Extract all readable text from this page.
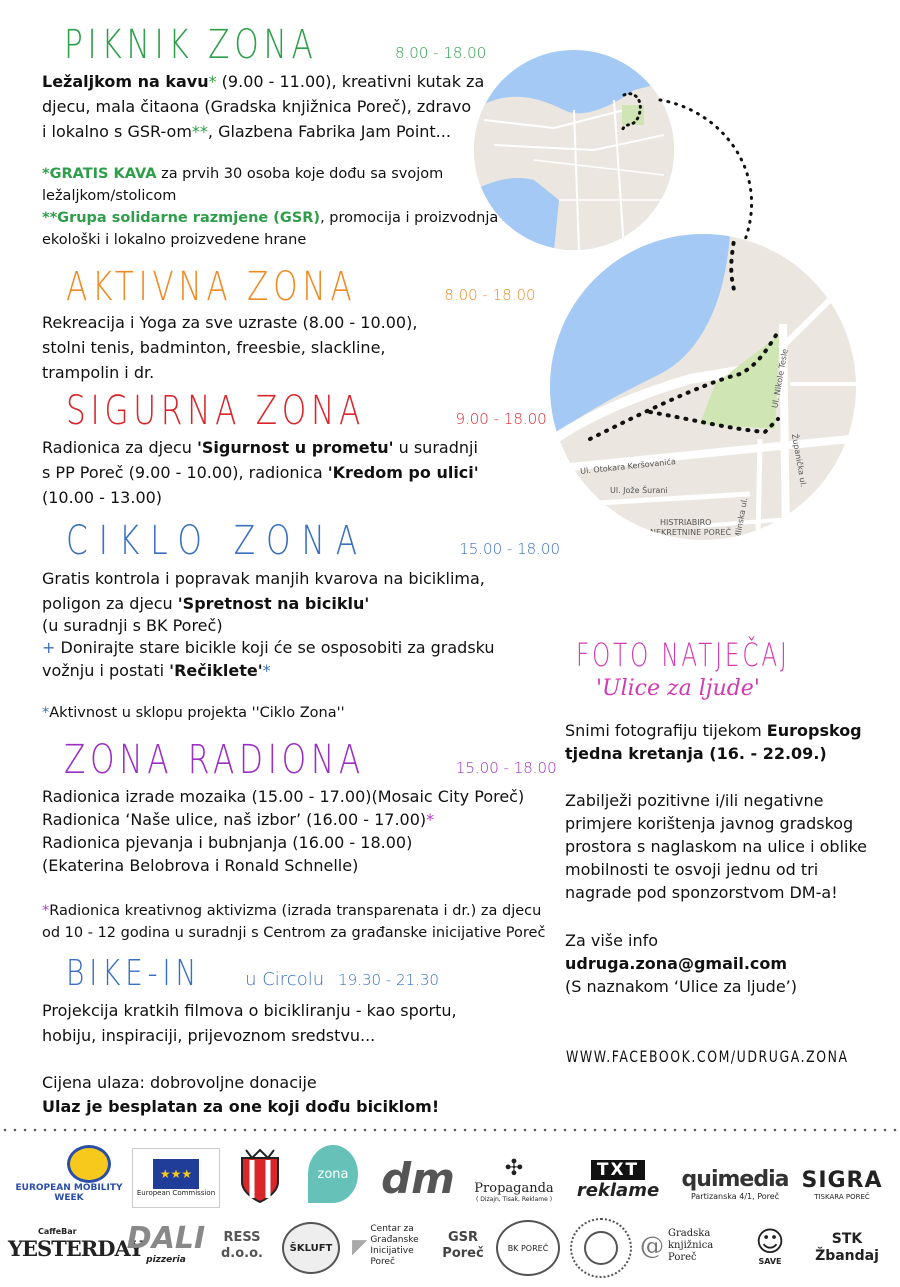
PIKNIK ZONA	8.00 - 18.00
Ležaljkom na kavu* (9.00 - 11.00), kreativni kutak za
djecu, mala čitaona (Gradska knjižnica Poreč), zdravo
i lokalno s GSR-om**, Glazbena Fabrika Jam Point...
*GRATIS KAVA za prvih 30 osoba koje dođu sa svojom
ležaljkom/stolicom
**Grupa solidarne razmjene (GSR), promocija i proizvodnja
ekološki i lokalno proizvedene hrane
AKTIVNA ZONA	8.00 - 18.00
Rekreacija i Yoga za sve uzraste (8.00 - 10.00),
stolni tenis, badminton, freesbie, slackline,
trampolin i dr.
SIGURNA ZONA	9.00 - 18.00
Radionica za djecu 'Sigurnost u prometu' u suradnji
s PP Poreč (9.00 - 10.00), radionica 'Kredom po ulici'
(10.00 - 13.00)
CIKLO ZONA	15.00 - 18.00
Gratis kontrola i popravak manjih kvarova na biciklima,
poligon za djecu 'Spretnost na biciklu'
(u suradnji s BK Poreč)
+ Donirajte stare bicikle koji će se osposobiti za gradsku
vožnju i postati 'Rečiklete'*
*Aktivnost u sklopu projekta ''Ciklo Zona''
ZONA RADIONA	15.00 - 18.00
Radionica izrade mozaika (15.00 - 17.00)(Mosaic City Poreč)
Radionica ‘Naše ulice, naš izbor’ (16.00 - 17.00)*
Radionica pjevanja i bubnjanja (16.00 - 18.00)
(Ekaterina Belobrova i Ronald Schnelle)
*Radionica kreativnog aktivizma (izrada transparenata i dr.) za djecu
od 10 - 12 godina u suradnji s Centrom za građanske inicijative Poreč
BIKE-IN u Circolu 19.30 - 21.30
Projekcija kratkih filmova o bicikliranju - kao sportu,
hobiju, inspiraciji, prijevoznom sredstvu...
Cijena ulaza: dobrovoljne donacije
Ulaz je besplatan za one koji dođu biciklom!
Ul. Otokara Keršovanića
Ul. Jože Šurani
Mlinska ul.
Županička ul.
Ul. Nikole Tesle
HISTRIABIRO
NEKRETNINE POREČ
FOTO NATJEČAJ
'Ulice za ljude'
Snimi fotografiju tijekom Europskog
tjedna kretanja (16. - 22.09.)
Zabilježi pozitivne i/ili negativne
primjere korištenja javnog gradskog
prostora s naglaskom na ulice i oblike
mobilnosti te osvoji jednu od tri
nagrade pod sponzorstvom DM-a!
Za više info
udruga.zona@gmail.com
(S naznakom ‘Ulice za ljude’)
WWW.FACEBOOK.COM/UDRUGA.ZONA
EUROPEAN MOBILITY WEEK
★★★
European Commission
zona dm ✣
Propaganda
( Dizajn, Tisak, Reklame )
TXT
reklame quimedia
Partizanska 4/1, Poreč
SIGRA
TISKARA POREČ
CaffeBar
YESTERDAY
DALI
pizzeria
RESS d.o.o.	ŠKLUFT ◤
Centar za Građanske Inicijative Poreč
GSR Poreč	BK POREČ	@ Gradska knjižnica Poreč	☺
SAVE
STK Žbandaj
